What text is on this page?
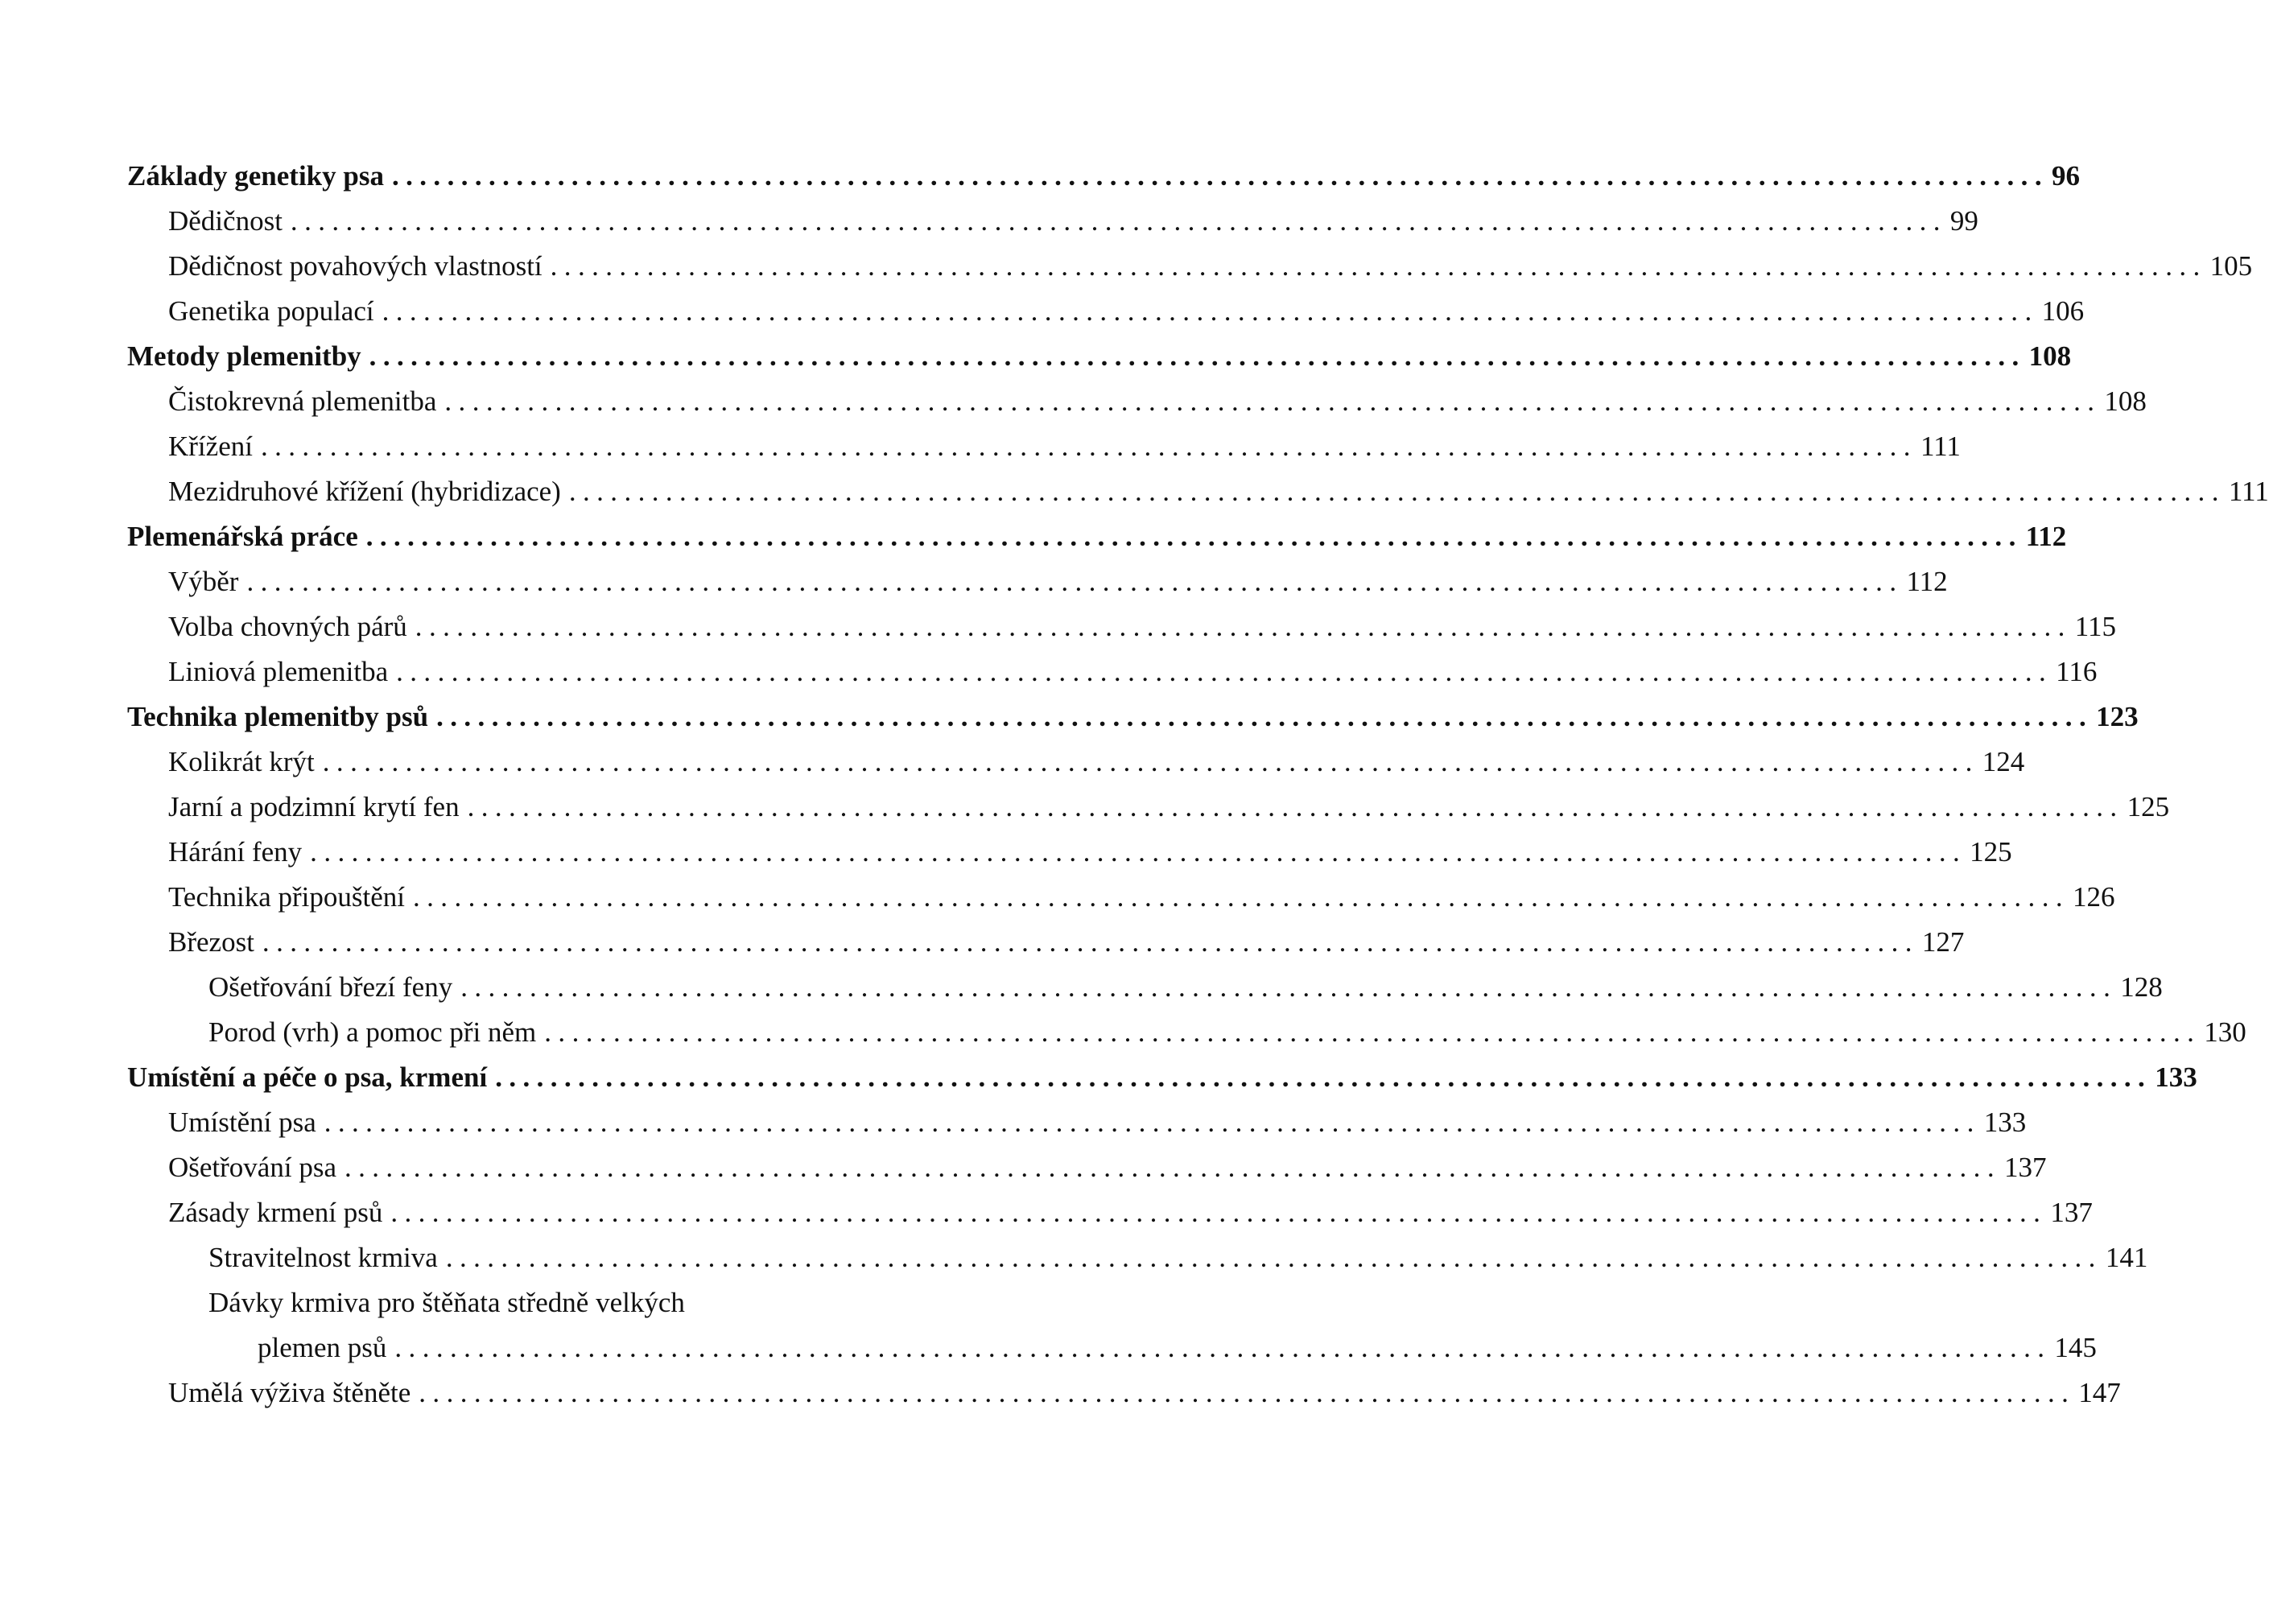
Základy genetiky psa ........................................................................................................................ 96
Dědičnost ........................................................................................................................ 99
Dědičnost povahových vlastností ........................................................................................................................ 105
Genetika populací ........................................................................................................................ 106
Metody plemenitby ........................................................................................................................ 108
Čistokrevná plemenitba ........................................................................................................................ 108
Křížení ........................................................................................................................ 111
Mezidruhové křížení (hybridizace) ........................................................................................................................ 111
Plemenářská práce ........................................................................................................................ 112
Výběr ........................................................................................................................ 112
Volba chovných párů ........................................................................................................................ 115
Liniová plemenitba ........................................................................................................................ 116
Technika plemenitby psů ........................................................................................................................ 123
Kolikrát krýt ........................................................................................................................ 124
Jarní a podzimní krytí fen ........................................................................................................................ 125
Hárání feny ........................................................................................................................ 125
Technika připouštění ........................................................................................................................ 126
Březost ........................................................................................................................ 127
Ošetřování březí feny ........................................................................................................................ 128
Porod (vrh) a pomoc při něm ........................................................................................................................ 130
Umístění a péče o psa, krmení ........................................................................................................................ 133
Umístění psa ........................................................................................................................ 133
Ošetřování psa ........................................................................................................................ 137
Zásady krmení psů ........................................................................................................................ 137
Stravitelnost krmiva ........................................................................................................................ 141
Dávky krmiva pro štěňata středně velkých
plemen psů ........................................................................................................................ 145
Umělá výživa štěněte ........................................................................................................................ 147
